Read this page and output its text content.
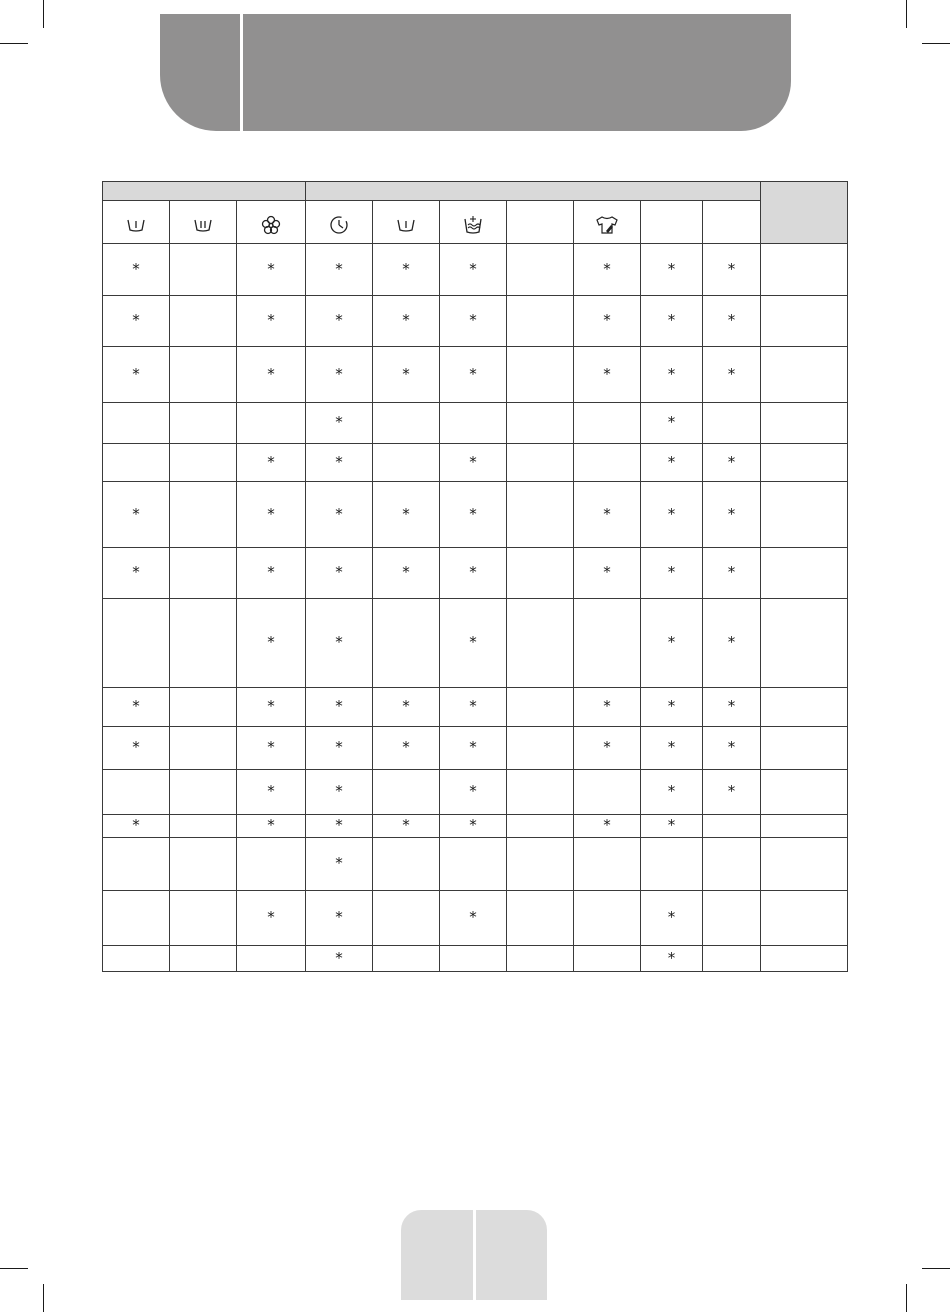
*		*	*	*	*		*	*	*	
*		*	*	*	*		*	*	*	
*		*	*	*	*		*	*	*	
			*					*		
		*	*		*			*	*	
*		*	*	*	*		*	*	*	
*		*	*	*	*		*	*	*	
		*	*		*			*	*	
*		*	*	*	*		*	*	*	
*		*	*	*	*		*	*	*	
		*	*		*			*	*	
*		*	*	*	*		*	*		
			*							
		*	*		*			*		
			*					*		
